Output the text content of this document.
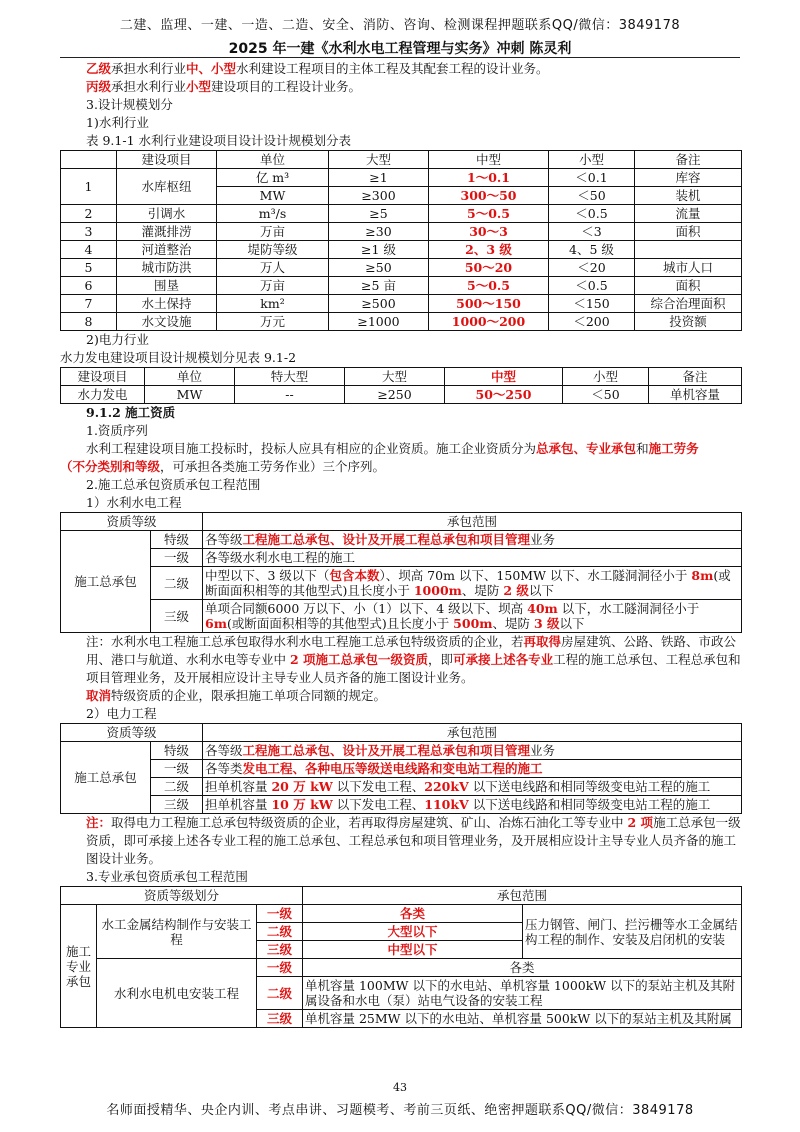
二建、监理、一建、一造、二造、安全、消防、咨询、检测课程押题联系QQ/微信：3849178
2025 年一建《水利水电工程管理与实务》冲刺 陈灵利

乙级承担水利行业中、小型水利建设工程项目的主体工程及其配套工程的设计业务。

丙级承担水利行业小型建设项目的工程设计业务。

3.设计规模划分

1)水利行业

表 9.1-1 水利行业建设项目设计设计规模划分表

	建设项目	单位	大型	中型	小型	备注
1	水库枢纽	亿 m³	≥1	1～0.1	＜0.1	库容
		MW	≥300	300～50	＜50	装机
2	引调水	m³/s	≥5	5～0.5	＜0.5	流量
3	灌溉排涝	万亩	≥30	30～3	＜3	面积
4	河道整治	堤防等级	≥1 级	2、3 级	4、5 级	
5	城市防洪	万人	≥50	50～20	＜20	城市人口
6	围垦	万亩	≥5 亩	5～0.5	＜0.5	面积
7	水土保持	km²	≥500	500～150	＜150	综合治理面积
8	水文设施	万元	≥1000	1000～200	＜200	投资额

2)电力行业

水力发电建设项目设计规模划分见表 9.1-2

建设项目	单位	特大型	大型	中型	小型	备注
水力发电	MW	--	≥250	50～250	＜50	单机容量

9.1.2 施工资质

1.资质序列

水利工程建设项目施工投标时，投标人应具有相应的企业资质。施工企业资质分为总承包、专业承包和施工劳务

（不分类别和等级，可承担各类施工劳务作业）三个序列。

2.施工总承包资质承包工程范围

1）水利水电工程

资质等级		承包范围
施工总承包	特级	各等级工程施工总承包、设计及开展工程总承包和项目管理业务
	一级	各等级水利水电工程的施工
	二级	中型以下、3 级以下（包含本数）、坝高 70m 以下、150MW 以下、水工隧洞洞径小于 8m(或断面面积相等的其他型式)且长度小于 1000m、堤防 2 级以下
	三级	单项合同额6000 万以下、小（1）以下、4 级以下、坝高 40m 以下，水工隧洞洞径小于 6m(或断面面积相等的其他型式)且长度小于 500m、堤防 3 级以下

注：水利水电工程施工总承包取得水利水电工程施工总承包特级资质的企业，若再取得房屋建筑、公路、铁路、市政公用、港口与航道、水利水电等专业中 2 项施工总承包一级资质，即可承接上述各专业工程的施工总承包、工程总承包和项目管理业务，及开展相应设计主导专业人员齐备的施工图设计业务。

取消特级资质的企业，限承担施工单项合同额的规定。

2）电力工程

资质等级		承包范围
施工总承包	特级	各等级工程施工总承包、设计及开展工程总承包和项目管理业务
	一级	各等类发电工程、各种电压等级送电线路和变电站工程的施工
	二级	担单机容量 20 万 kW 以下发电工程、220kV 以下送电线路和相同等级变电站工程的施工
	三级	担单机容量 10 万 kW 以下发电工程、110kV 以下送电线路和相同等级变电站工程的施工

注：取得电力工程施工总承包特级资质的企业，若再取得房屋建筑、矿山、冶炼石油化工等专业中 2 项施工总承包一级资质，即可承接上述各专业工程的施工总承包、工程总承包和项目管理业务，及开展相应设计主导专业人员齐备的施工图设计业务。

3.专业承包资质承包工程范围

资质等级划分			承包范围	
施工专业承包	水工金属结构制作与安装工程	一级	各类	压力钢管、闸门、拦污栅等水工金属结构工程的制作、安装及启闭机的安装
		二级	大型以下	
		三级	中型以下	
	水利水电机电安装工程	一级	各类	
		二级	单机容量 100MW 以下的水电站、单机容量 1000kW 以下的泵站主机及其附属设备和水电（泵）站电气设备的安装工程	
		三级	单机容量 25MW 以下的水电站、单机容量 500kW 以下的泵站主机及其附属	
43
名师面授精华、央企内训、考点串讲、习题模考、考前三页纸、绝密押题联系QQ/微信：3849178
